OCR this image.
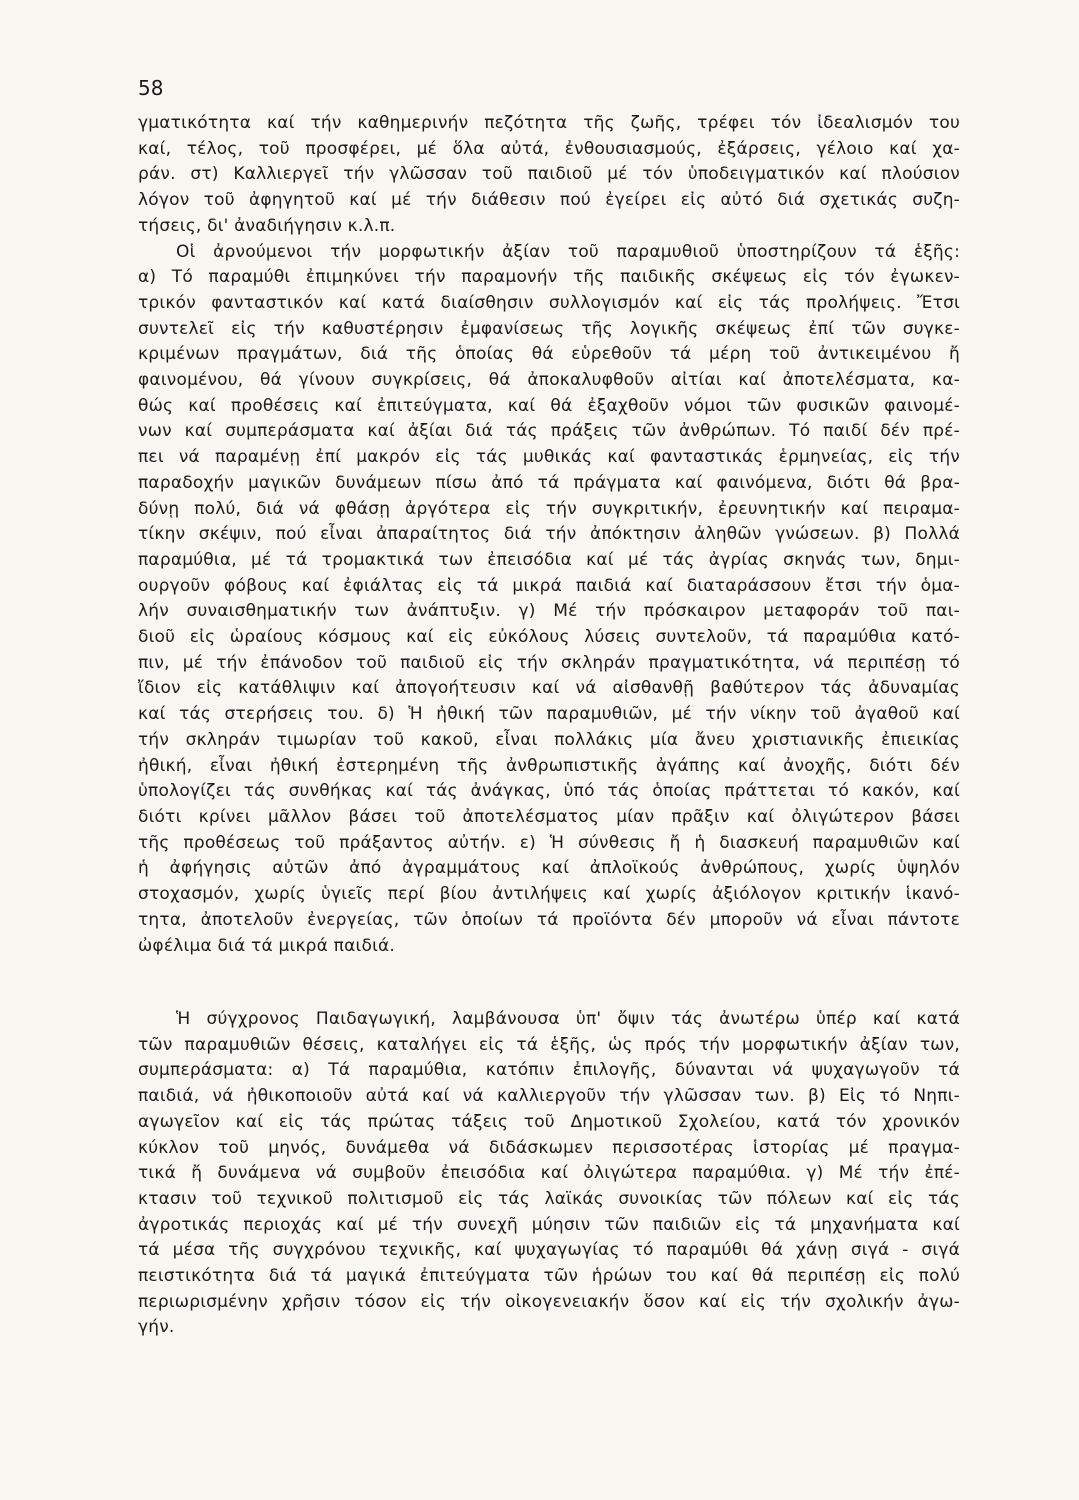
58
γματικότητα καί τήν καθημερινήν πεζότητα τῆς ζωῆς, τρέφει τόν ἰδεαλισμόν του
καί, τέλος, τοῦ προσφέρει, μέ ὅλα αὐτά, ἐνθουσιασμούς, ἐξάρσεις, γέλοιο καί χα-
ράν. στ) Καλλιεργεῖ τήν γλῶσσαν τοῦ παιδιοῦ μέ τόν ὑποδειγματικόν καί πλούσιον
λόγον τοῦ ἀφηγητοῦ καί μέ τήν διάθεσιν πού ἐγείρει εἰς αὐτό διά σχετικάς συζη-
τήσεις, δι' ἀναδιήγησιν κ.λ.π.
Οἱ ἀρνούμενοι τήν μορφωτικήν ἀξίαν τοῦ παραμυθιοῦ ὑποστηρίζουν τά ἑξῆς:
α) Τό παραμύθι ἐπιμηκύνει τήν παραμονήν τῆς παιδικῆς σκέψεως εἰς τόν ἐγωκεν-
τρικόν φανταστικόν καί κατά διαίσθησιν συλλογισμόν καί εἰς τάς προλήψεις. Ἔτσι
συντελεῖ εἰς τήν καθυστέρησιν ἐμφανίσεως τῆς λογικῆς σκέψεως ἐπί τῶν συγκε-
κριμένων πραγμάτων, διά τῆς ὁποίας θά εὑρεθοῦν τά μέρη τοῦ ἀντικειμένου ἤ
φαινομένου, θά γίνουν συγκρίσεις, θά ἀποκαλυφθοῦν αἰτίαι καί ἀποτελέσματα, κα-
θώς καί προθέσεις καί ἐπιτεύγματα, καί θά ἐξαχθοῦν νόμοι τῶν φυσικῶν φαινομέ-
νων καί συμπεράσματα καί ἀξίαι διά τάς πράξεις τῶν ἀνθρώπων. Τό παιδί δέν πρέ-
πει νά παραμένῃ ἐπί μακρόν εἰς τάς μυθικάς καί φανταστικάς ἑρμηνείας, εἰς τήν
παραδοχήν μαγικῶν δυνάμεων πίσω ἀπό τά πράγματα καί φαινόμενα, διότι θά βρα-
δύνῃ πολύ, διά νά φθάσῃ ἀργότερα εἰς τήν συγκριτικήν, ἐρευνητικήν καί πειραμα-
τίκην σκέψιν, πού εἶναι ἀπαραίτητος διά τήν ἀπόκτησιν ἀληθῶν γνώσεων. β) Πολλά
παραμύθια, μέ τά τρομακτικά των ἐπεισόδια καί μέ τάς ἀγρίας σκηνάς των, δημι-
ουργοῦν φόβους καί ἐφιάλτας εἰς τά μικρά παιδιά καί διαταράσσουν ἔτσι τήν ὁμα-
λήν συναισθηματικήν των ἀνάπτυξιν. γ) Μέ τήν πρόσκαιρον μεταφοράν τοῦ παι-
διοῦ εἰς ὡραίους κόσμους καί εἰς εὐκόλους λύσεις συντελοῦν, τά παραμύθια κατό-
πιν, μέ τήν ἐπάνοδον τοῦ παιδιοῦ εἰς τήν σκληράν πραγματικότητα, νά περιπέσῃ τό
ἴδιον εἰς κατάθλιψιν καί ἀπογοήτευσιν καί νά αἰσθανθῇ βαθύτερον τάς ἀδυναμίας
καί τάς στερήσεις του. δ) Ἡ ἠθική τῶν παραμυθιῶν, μέ τήν νίκην τοῦ ἀγαθοῦ καί
τήν σκληράν τιμωρίαν τοῦ κακοῦ, εἶναι πολλάκις μία ἄνευ χριστιανικῆς ἐπιεικίας
ἠθική, εἶναι ἠθική ἐστερημένη τῆς ἀνθρωπιστικῆς ἀγάπης καί ἀνοχῆς, διότι δέν
ὑπολογίζει τάς συνθήκας καί τάς ἀνάγκας, ὑπό τάς ὁποίας πράττεται τό κακόν, καί
διότι κρίνει μᾶλλον βάσει τοῦ ἀποτελέσματος μίαν πρᾶξιν καί ὀλιγώτερον βάσει
τῆς προθέσεως τοῦ πράξαντος αὐτήν. ε) Ἡ σύνθεσις ἤ ἡ διασκευή παραμυθιῶν καί
ἡ ἀφήγησις αὐτῶν ἀπό ἀγραμμάτους καί ἀπλοϊκούς ἀνθρώπους, χωρίς ὑψηλόν
στοχασμόν, χωρίς ὑγιεῖς περί βίου ἀντιλήψεις καί χωρίς ἀξιόλογον κριτικήν ἱκανό-
τητα, ἀποτελοῦν ἐνεργείας, τῶν ὁποίων τά προϊόντα δέν μποροῦν νά εἶναι πάντοτε
ὠφέλιμα διά τά μικρά παιδιά.
Ἡ σύγχρονος Παιδαγωγική, λαμβάνουσα ὑπ' ὄψιν τάς ἀνωτέρω ὑπέρ καί κατά
τῶν παραμυθιῶν θέσεις, καταλήγει εἰς τά ἑξῆς, ὡς πρός τήν μορφωτικήν ἀξίαν των,
συμπεράσματα: α) Τά παραμύθια, κατόπιν ἐπιλογῆς, δύνανται νά ψυχαγωγοῦν τά
παιδιά, νά ἠθικοποιοῦν αὐτά καί νά καλλιεργοῦν τήν γλῶσσαν των. β) Εἰς τό Νηπι-
αγωγεῖον καί εἰς τάς πρώτας τάξεις τοῦ Δημοτικοῦ Σχολείου, κατά τόν χρονικόν
κύκλον τοῦ μηνός, δυνάμεθα νά διδάσκωμεν περισσοτέρας ἱστορίας μέ πραγμα-
τικά ἤ δυνάμενα νά συμβοῦν ἐπεισόδια καί ὀλιγώτερα παραμύθια. γ) Μέ τήν ἐπέ-
κτασιν τοῦ τεχνικοῦ πολιτισμοῦ εἰς τάς λαϊκάς συνοικίας τῶν πόλεων καί εἰς τάς
ἀγροτικάς περιοχάς καί μέ τήν συνεχῆ μύησιν τῶν παιδιῶν εἰς τά μηχανήματα καί
τά μέσα τῆς συγχρόνου τεχνικῆς, καί ψυχαγωγίας τό παραμύθι θά χάνῃ σιγά - σιγά
πειστικότητα διά τά μαγικά ἐπιτεύγματα τῶν ἡρώων του καί θά περιπέσῃ εἰς πολύ
περιωρισμένην χρῆσιν τόσον εἰς τήν οἰκογενειακήν ὅσον καί εἰς τήν σχολικήν ἀγω-
γήν.
